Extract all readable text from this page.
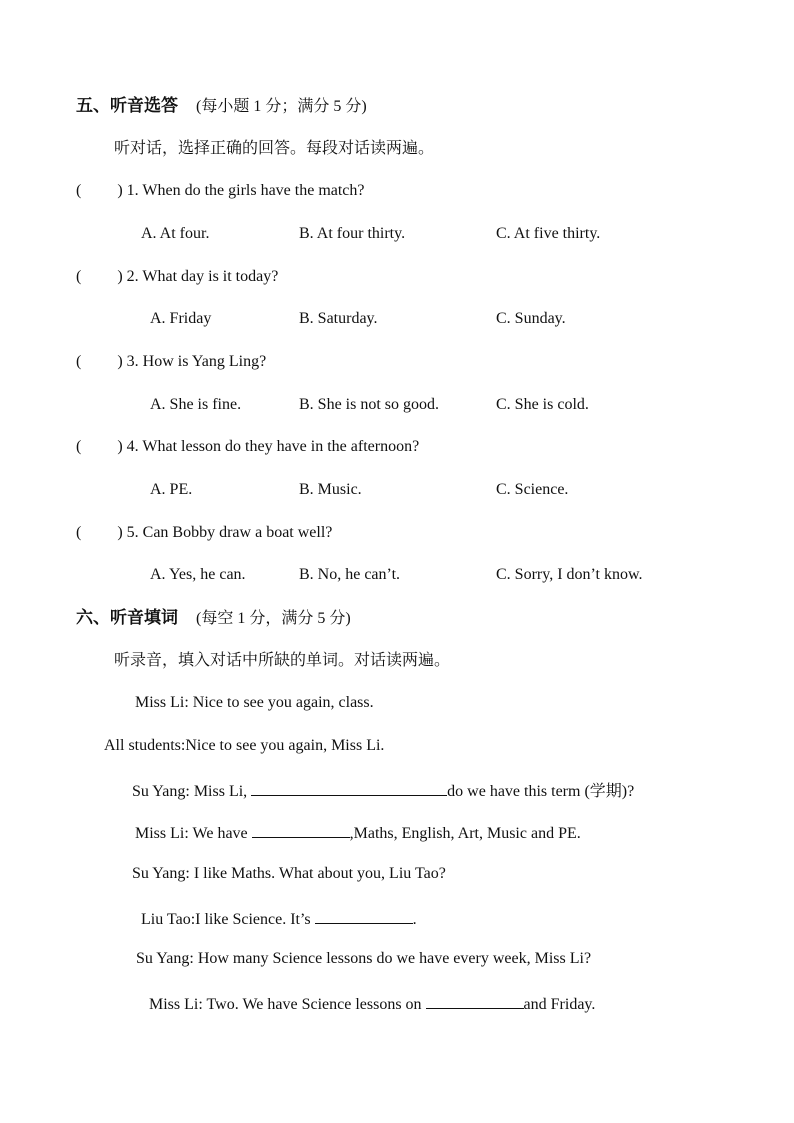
五、听音选答 (每小题 1 分；满分 5 分)
听对话，选择正确的回答。每段对话读两遍。
( ) 1. When do the girls have the match?
A. At four.	B. At four thirty.	C. At five thirty.
( ) 2. What day is it today?
A. Friday	B. Saturday.	C. Sunday.
( ) 3. How is Yang Ling?
A. She is fine.	B. She is not so good.	C. She is cold.
( ) 4. What lesson do they have in the afternoon?
A. PE.	B. Music.	C. Science.
( ) 5. Can Bobby draw a boat well?
A. Yes, he can.	B. No, he can’t.	C. Sorry, I don’t know.
六、听音填词 (每空 1 分，满分 5 分)
听录音，填入对话中所缺的单词。对话读两遍。
Miss Li: Nice to see you again, class.
All students:Nice to see you again, Miss Li.
Su Yang: Miss Li,	do we have this term (学期)?
Miss Li: We have	,Maths, English, Art, Music and PE.
Su Yang: I like Maths. What about you, Liu Tao?
Liu Tao:I like Science. It’s	.
Su Yang: How many Science lessons do we have every week, Miss Li?
Miss Li: Two. We have Science lessons on	and Friday.
